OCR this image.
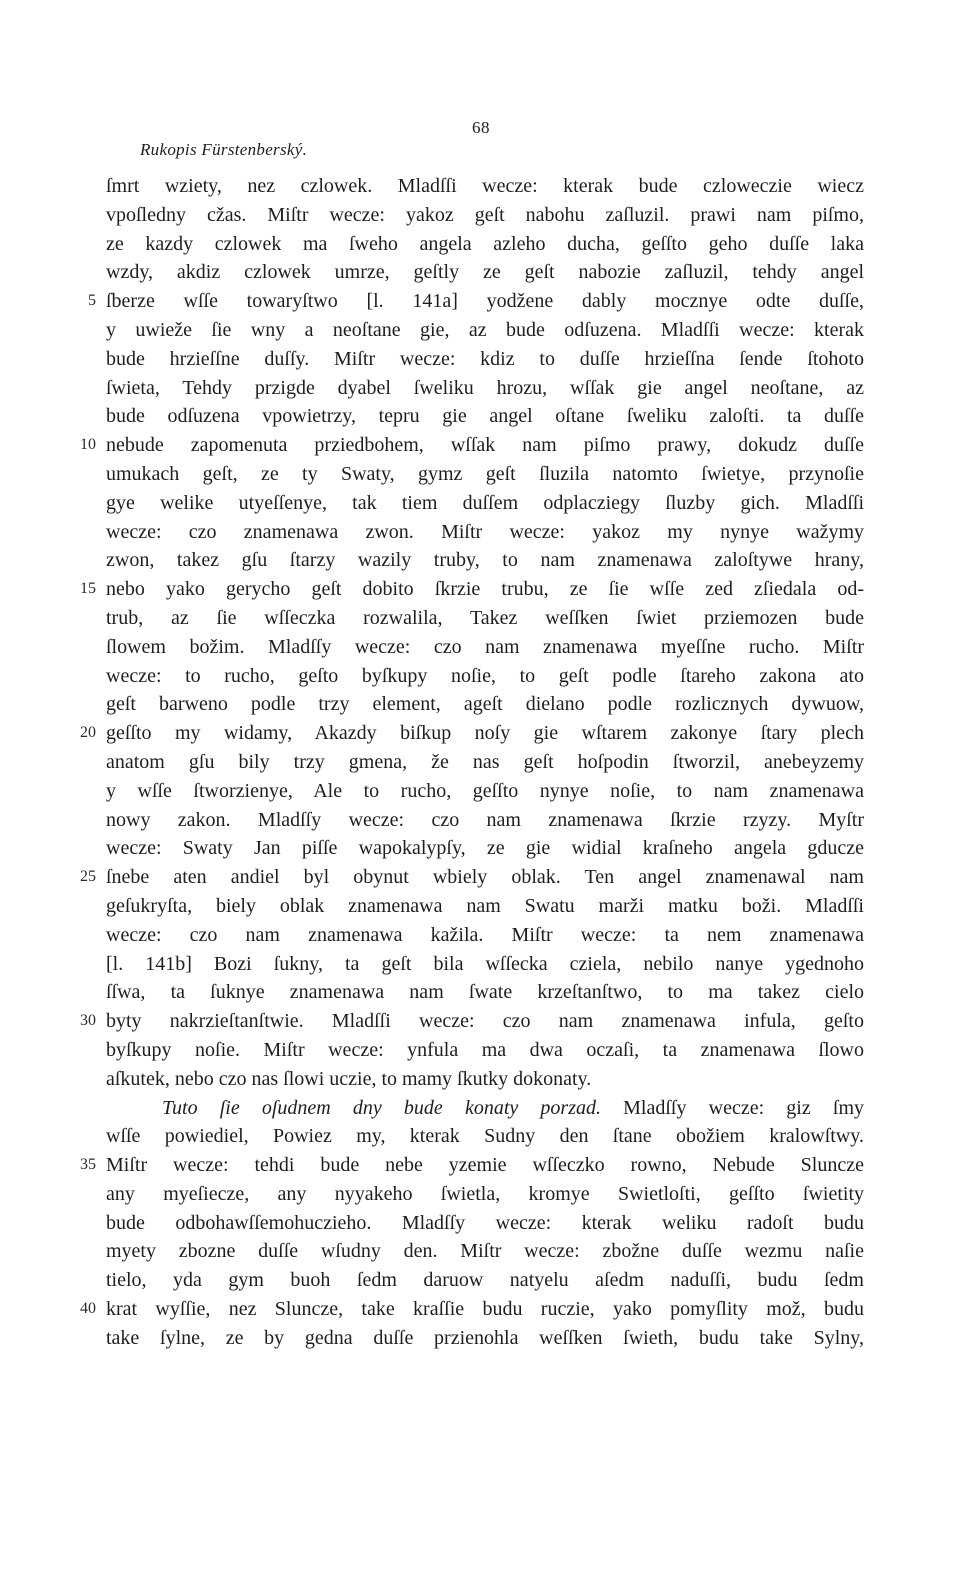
68
Rukopis Fürstenberský.
ſmrt wziety, nez czlowek. Mladſſi wecze: kterak bude czloweczie wiecz
vpoſledny cžas. Miſtr wecze: yakoz geſt nabohu zaſluzil. prawi nam piſmo,
ze kazdy czlowek ma ſweho angela azleho ducha, geſſto geho duſſe laka
wzdy, akdiz czlowek umrze, geſtly ze geſt nabozie zaſluzil, tehdy angel
5 ſberze wſſe towaryſtwo [l. 141a] yodžene dably mocznye odte duſſe,
y uwieže ſie wny a neoſtane gie, az bude odſuzena. Mladſſi wecze: kterak
bude hrzieſſne duſſy. Miſtr wecze: kdiz to duſſe hrzieſſna ſende ſtohoto
ſwieta, Tehdy przigde dyabel ſweliku hrozu, wſſak gie angel neoſtane, az
bude odſuzena vpowietrzy, tepru gie angel oſtane ſweliku zaloſti. ta duſſe
10 nebude zapomenuta prziedbohem, wſſak nam piſmo prawy, dokudz duſſe
umukach geſt, ze ty Swaty, gymz geſt ſluzila natomto ſwietye, przynoſie
gye welike utyeſſenye, tak tiem duſſem odplacziegy ſluzby gich. Mladſſi
wecze: czo znamenawa zwon. Miſtr wecze: yakoz my nynye wažymy
zwon, takez gſu ſtarzy wazily truby, to nam znamenawa zaloſtywe hrany,
15 nebo yako gerycho geſt dobito ſkrzie trubu, ze ſie wſſe zed zſiedala od-
trub, az ſie wſſeczka rozwalila, Takez weſſken ſwiet prziemozen bude
ſlowem božim. Mladſſy wecze: czo nam znamenawa myeſſne rucho. Miſtr
wecze: to rucho, geſto byſkupy noſie, to geſt podle ſtareho zakona ato
geſt barweno podle trzy element, ageſt dielano podle rozlicznych dywuow,
20 geſſto my widamy, Akazdy biſkup noſy gie wſtarem zakonye ſtary plech
anatom gſu bily trzy gmena, že nas geſt hoſpodin ſtworzil, anebeyzemy
y wſſe ſtworzienye, Ale to rucho, geſſto nynye noſie, to nam znamenawa
nowy zakon. Mladſſy wecze: czo nam znamenawa ſkrzie rzyzy. Myſtr
wecze: Swaty Jan piſſe wapokalypſy, ze gie widial kraſneho angela gducze
25 ſnebe aten andiel byl obynut wbiely oblak. Ten angel znamenawal nam
geſukryſta, biely oblak znamenawa nam Swatu marži matku boži. Mladſſi
wecze: czo nam znamenawa kažila. Miſtr wecze: ta nem znamenawa
[l. 141b] Bozi ſukny, ta geſt bila wſſecka cziela, nebilo nanye ygednoho
ſſwa, ta ſuknye znamenawa nam ſwate krzeſtanſtwo, to ma takez cielo
30 byty nakrzieſtanſtwie. Mladſſi wecze: czo nam znamenawa infula, geſto
byſkupy noſie. Miſtr wecze: ynfula ma dwa oczaſi, ta znamenawa ſlowo
aſkutek, nebo czo nas ſlowi uczie, to mamy ſkutky dokonaty.
Tuto ſie oſudnem dny bude konaty porzad. Mladſſy wecze: giz ſmy
wſſe powiediel, Powiez my, kterak Sudny den ſtane obožiem kralowſtwy.
35 Miſtr wecze: tehdi bude nebe yzemie wſſeczko rowno, Nebude Sluncze
any myeſiecze, any nyyakeho ſwietla, kromye Swietloſti, geſſto ſwietity
bude odbohawſſemohuczieho. Mladſſy wecze: kterak weliku radoſt budu
myety zbozne duſſe wſudny den. Miſtr wecze: zbožne duſſe wezmu naſie
tielo, yda gym buoh ſedm daruow natyelu aſedm naduſſi, budu ſedm
40 krat wyſſie, nez Sluncze, take kraſſie budu ruczie, yako pomyſlity mož, budu
take ſylne, ze by gedna duſſe przienohla weſſken ſwieth, budu take Sylny,
